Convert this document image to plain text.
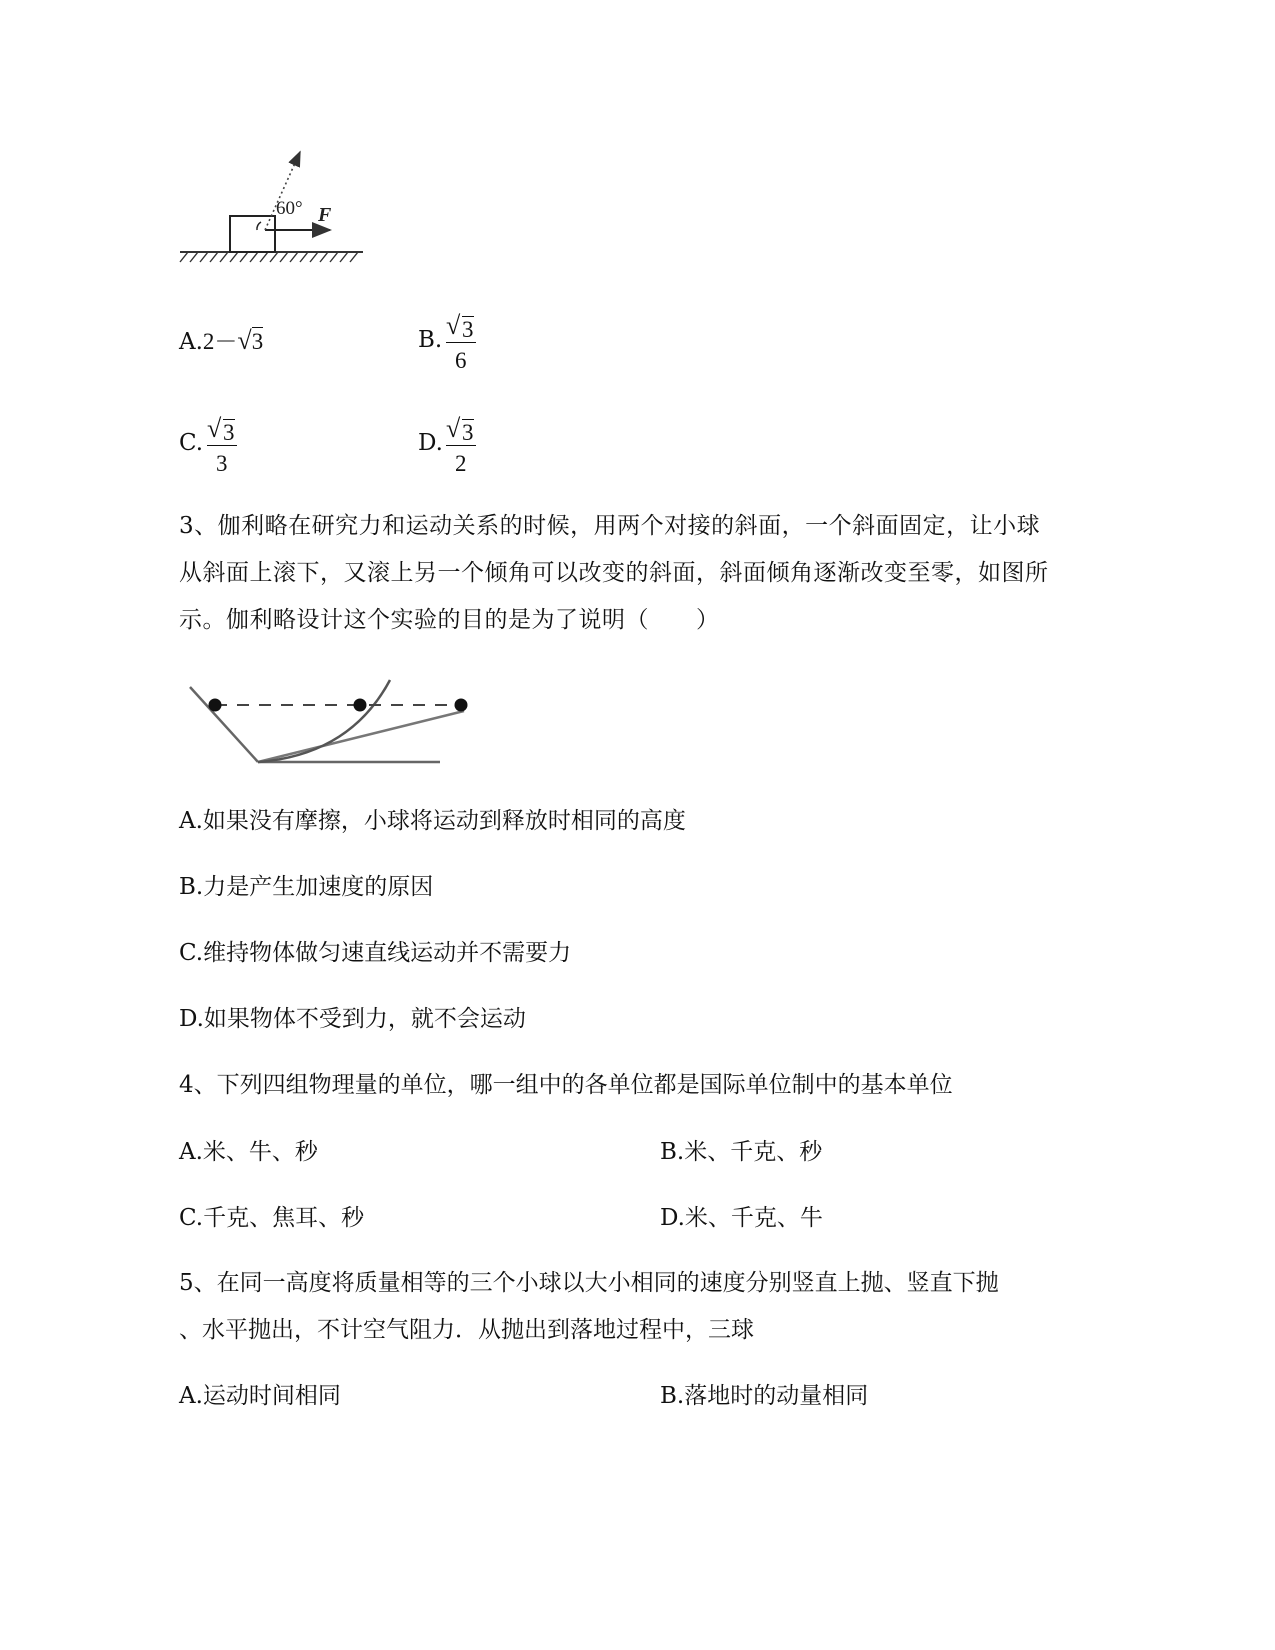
60° F
A.2－√3	B. √ 3
6
C. √ 3
3
D. √ 3
2
3、伽利略在研究力和运动关系的时候，用两个对接的斜面，一个斜面固定，让小球从斜面上滚下，又滚上另一个倾角可以改变的斜面，斜面倾角逐渐改变至零，如图所示。伽利略设计这个实验的目的是为了说明（　　）
A.如果没有摩擦，小球将运动到释放时相同的高度
B.力是产生加速度的原因
C.维持物体做匀速直线运动并不需要力
D.如果物体不受到力，就不会运动
4、下列四组物理量的单位，哪一组中的各单位都是国际单位制中的基本单位
A.米、牛、秒	B.米、千克、秒
C.千克、焦耳、秒	D.米、千克、牛
5、在同一高度将质量相等的三个小球以大小相同的速度分别竖直上抛、竖直下抛
、水平抛出，不计空气阻力．从抛出到落地过程中，三球
A.运动时间相同	B.落地时的动量相同
